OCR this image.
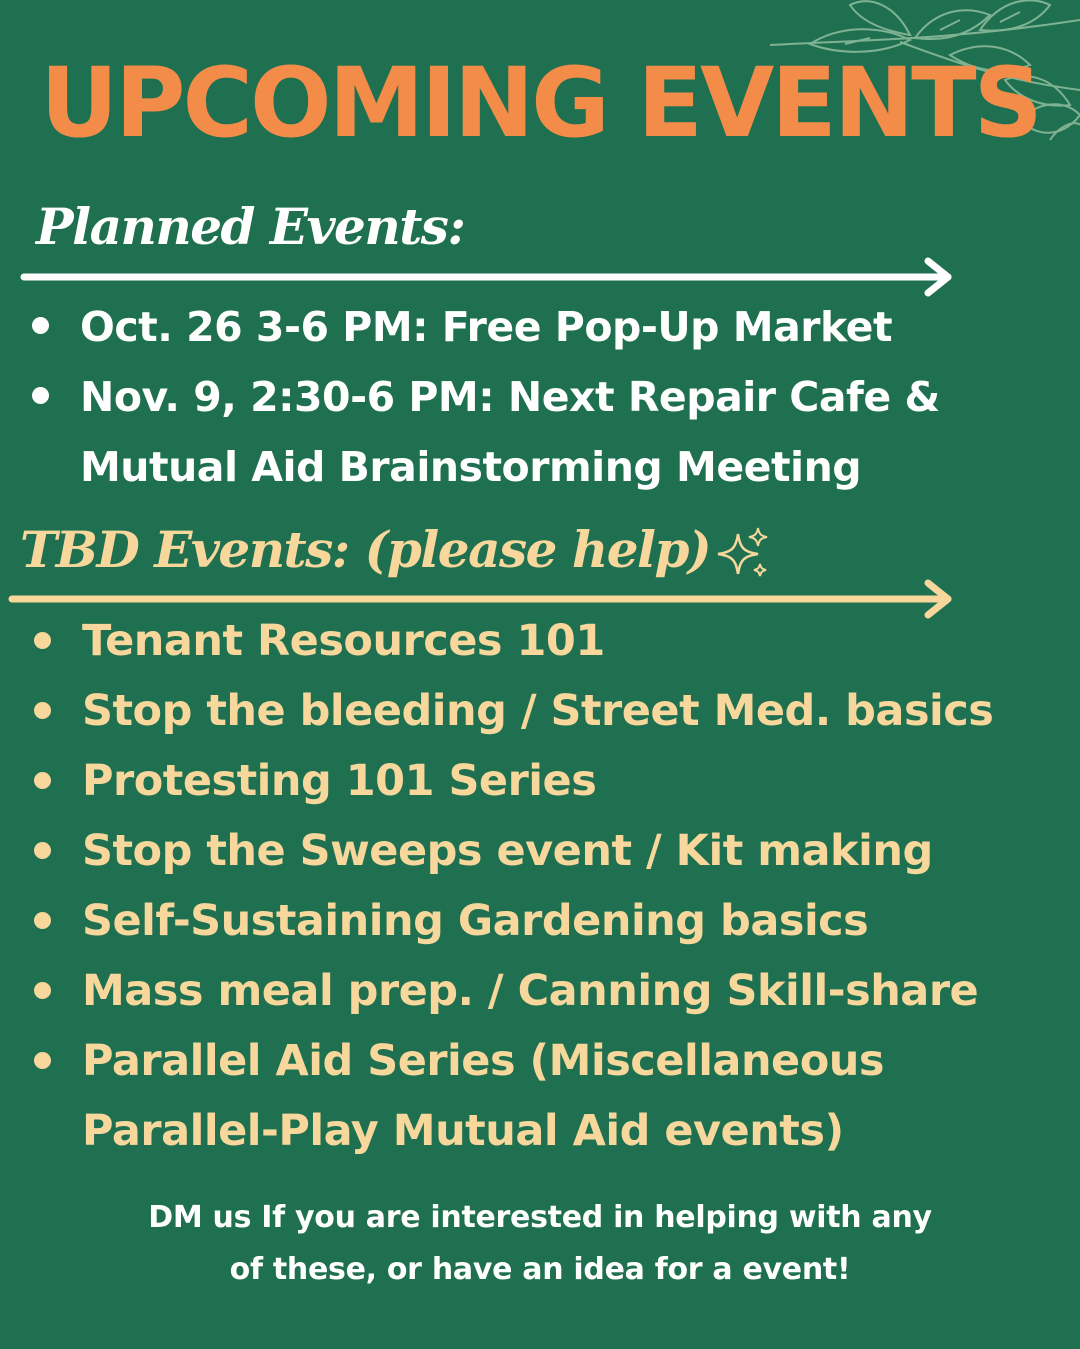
UPCOMING EVENTS
Planned Events:
Oct. 26 3-6 PM: Free Pop-Up Market
Nov. 9, 2:30-6 PM: Next Repair Cafe & Mutual Aid Brainstorming Meeting
TBD Events: (please help)
Tenant Resources 101
Stop the bleeding / Street Med. basics
Protesting 101 Series
Stop the Sweeps event / Kit making
Self-Sustaining Gardening basics
Mass meal prep. / Canning Skill-share
Parallel Aid Series (Miscellaneous Parallel-Play Mutual Aid events)

DM us If you are interested in helping with any of these, or have an idea for a event!
